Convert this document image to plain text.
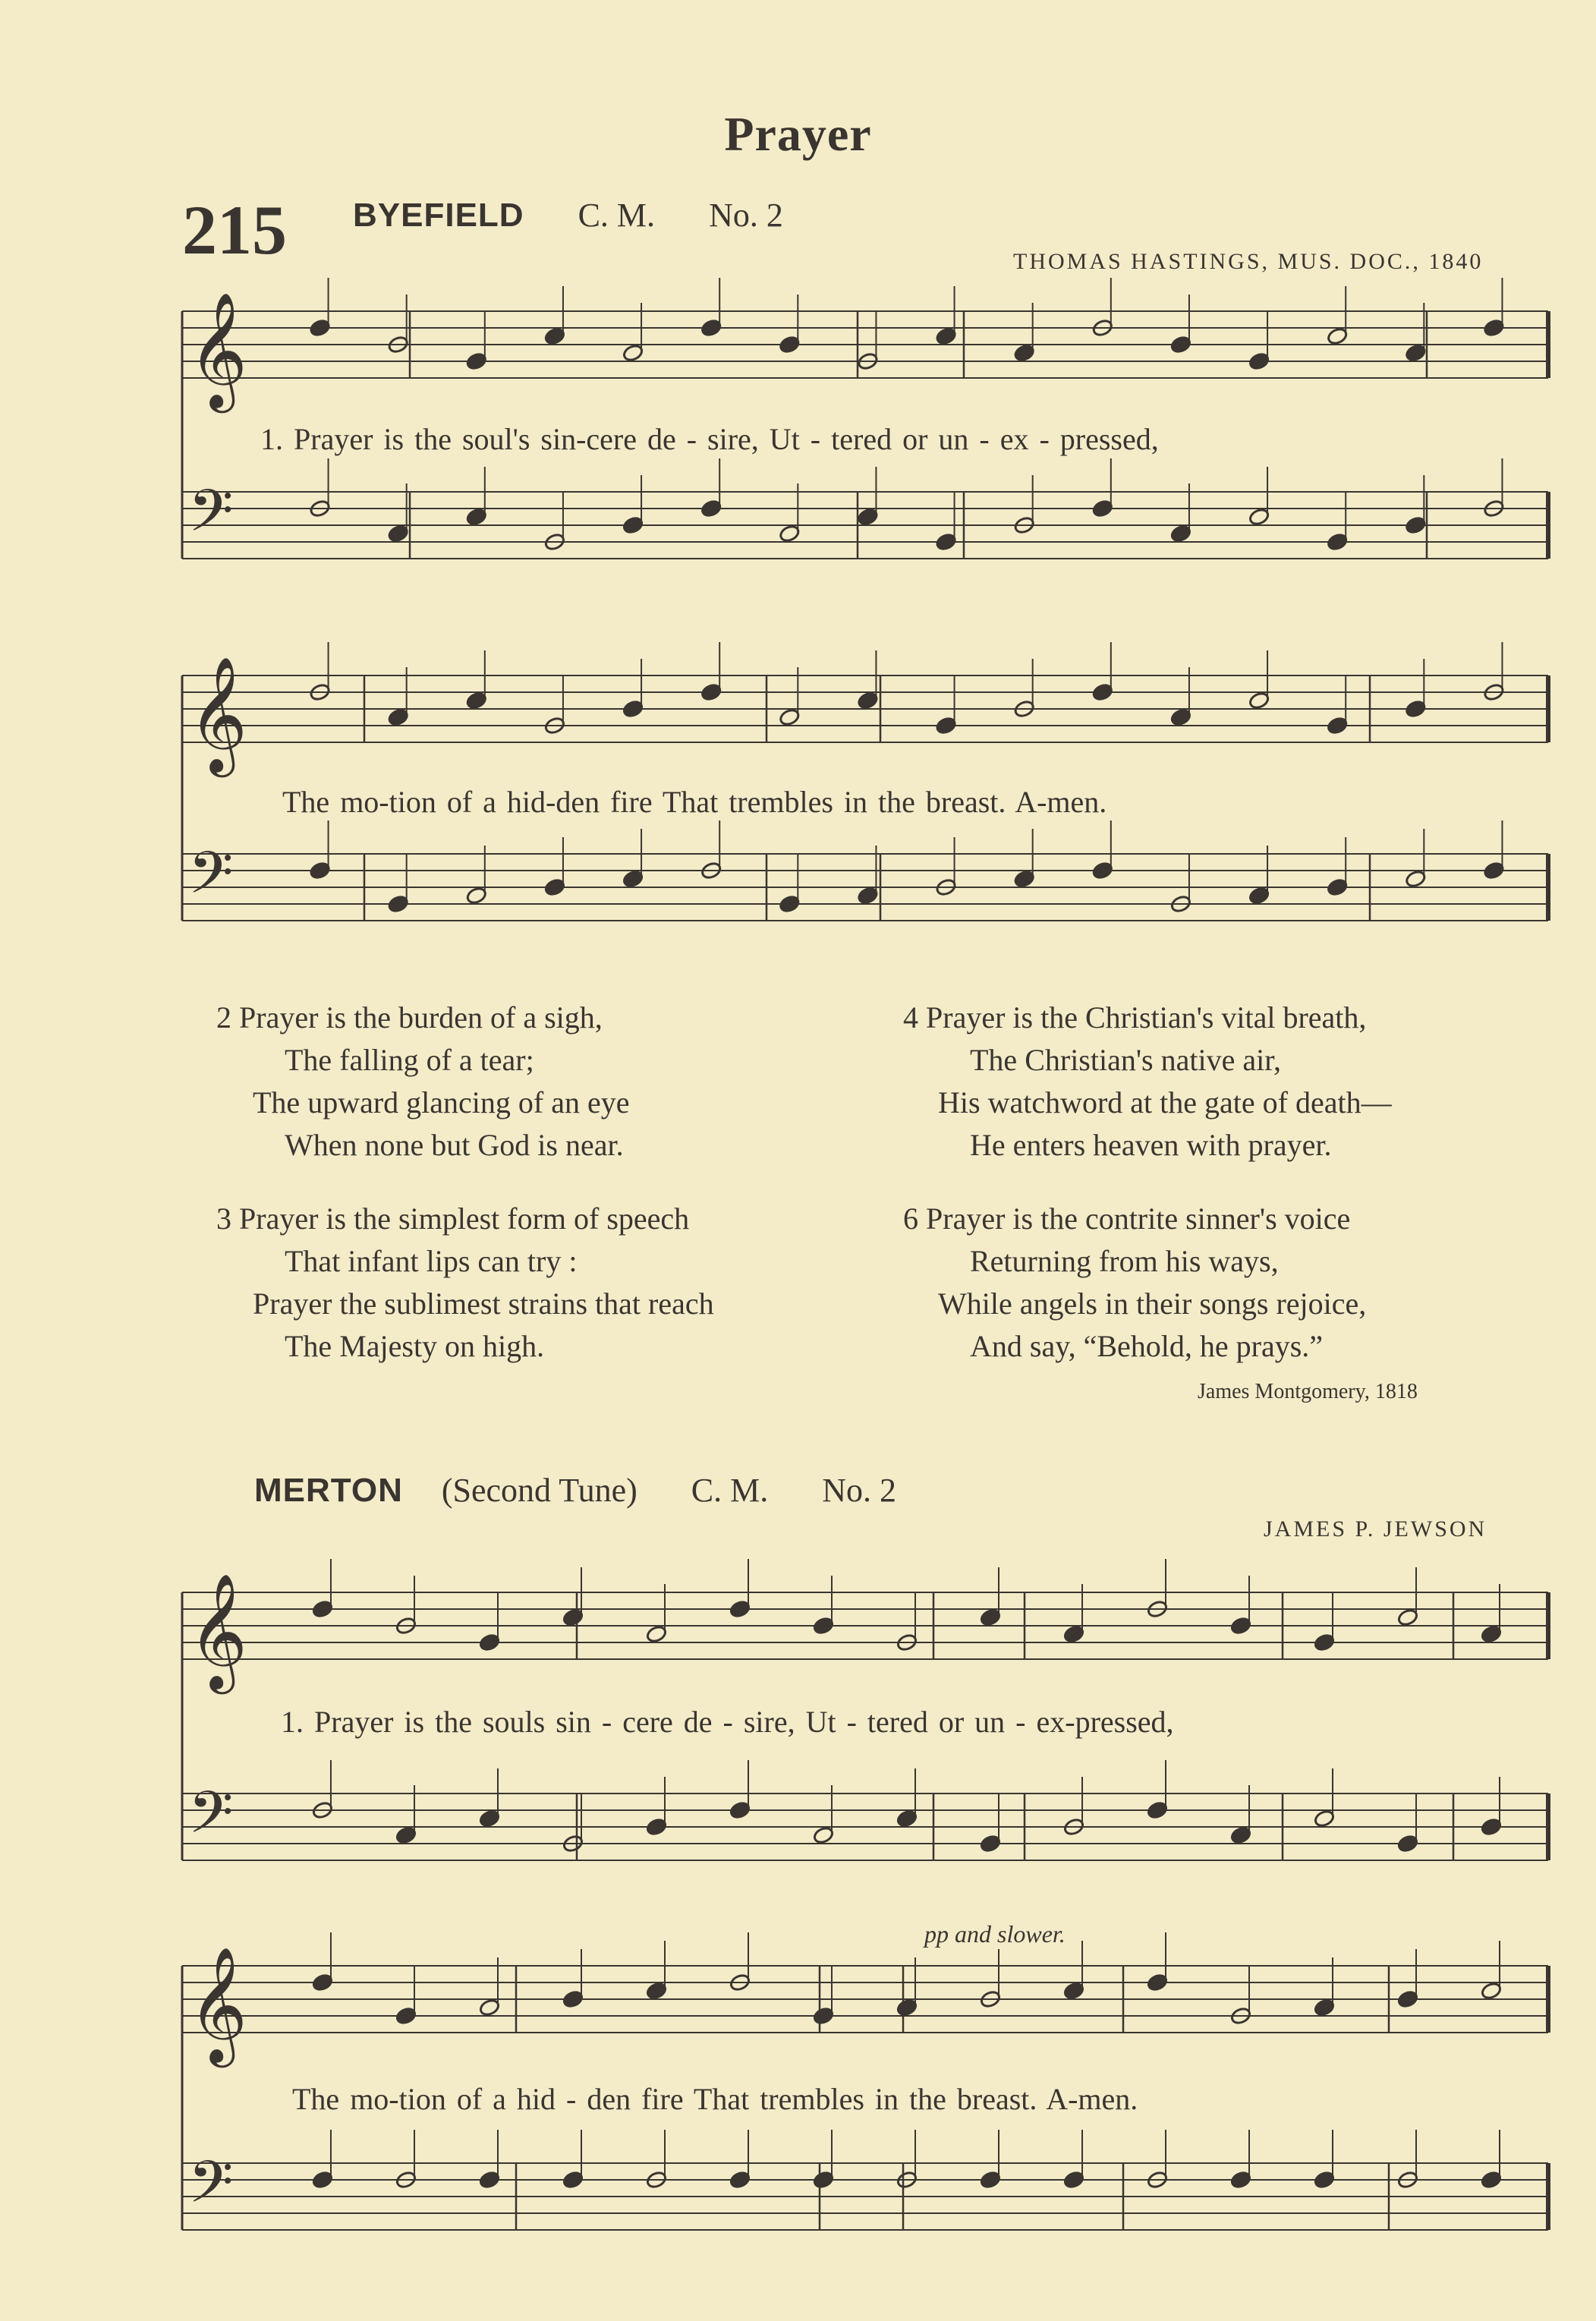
Prayer
215 BYEFIELD C. M. No. 2
THOMAS HASTINGS, MUS. DOC., 1840
𝄞
𝄢
𝄞
𝄢
𝄞
𝄢
𝄞
𝄢
1. Prayer is the soul's sin-cere de - sire, Ut - tered or un - ex - pressed,
The mo-tion of a hid-den fire That trembles in the breast. A-men.
2 Prayer is the burden of a sigh,
The falling of a tear;
The upward glancing of an eye
When none but God is near.
3 Prayer is the simplest form of speech
That infant lips can try :
Prayer the sublimest strains that reach
The Majesty on high.
4 Prayer is the Christian's vital breath,
The Christian's native air,
His watchword at the gate of death—
He enters heaven with prayer.
6 Prayer is the contrite sinner's voice
Returning from his ways,
While angels in their songs rejoice,
And say, “Behold, he prays.”
James Montgomery, 1818
MERTON (Second Tune) C. M. No. 2
JAMES P. JEWSON
1. Prayer is the souls sin - cere de - sire, Ut - tered or un - ex-pressed,
pp and slower.
The mo-tion of a hid - den fire That trembles in the breast. A-men.
